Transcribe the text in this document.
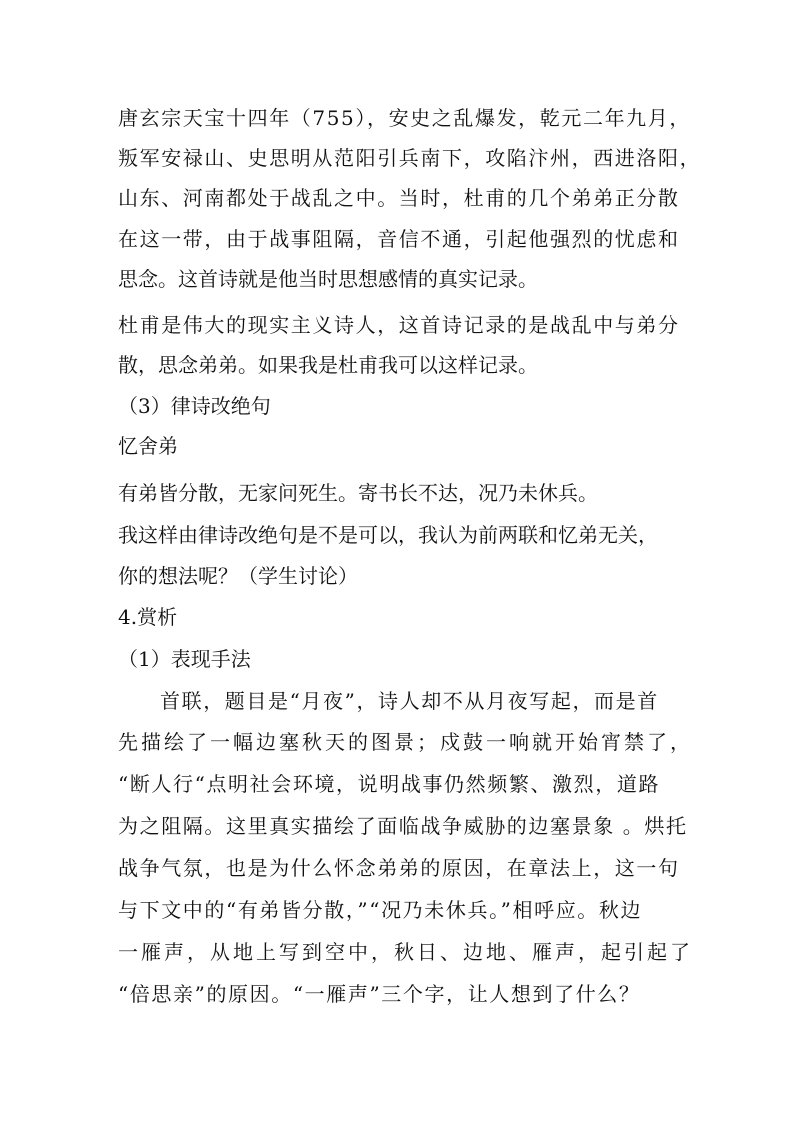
唐玄宗天宝十四年（755），安史之乱爆发，乾元二年九月，
叛军安禄山、史思明从范阳引兵南下，攻陷汴州，西进洛阳，
山东、河南都处于战乱之中。当时，杜甫的几个弟弟正分散
在这一带，由于战事阻隔，音信不通，引起他强烈的忧虑和
思念。这首诗就是他当时思想感情的真实记录。
杜甫是伟大的现实主义诗人，这首诗记录的是战乱中与弟分
散，思念弟弟。如果我是杜甫我可以这样记录。
（3）律诗改绝句
忆舍弟
有弟皆分散，无家问死生。寄书长不达，况乃未休兵。
我这样由律诗改绝句是不是可以，我认为前两联和忆弟无关，
你的想法呢？（学生讨论）
4.赏析
（1）表现手法
首联，题目是“月夜”，诗人却不从月夜写起，而是首
先描绘了一幅边塞秋天的图景；戍鼓一响就开始宵禁了，
“断人行“点明社会环境，说明战事仍然频繁、激烈，道路
为之阻隔。这里真实描绘了面临战争威胁的边塞景象 。烘托
战争气氛，也是为什么怀念弟弟的原因，在章法上，这一句
与下文中的“有弟皆分散，”“况乃未休兵。”相呼应。秋边
一雁声，从地上写到空中，秋日、边地、雁声，起引起了
“倍思亲”的原因。“一雁声”三个字，让人想到了什么？
